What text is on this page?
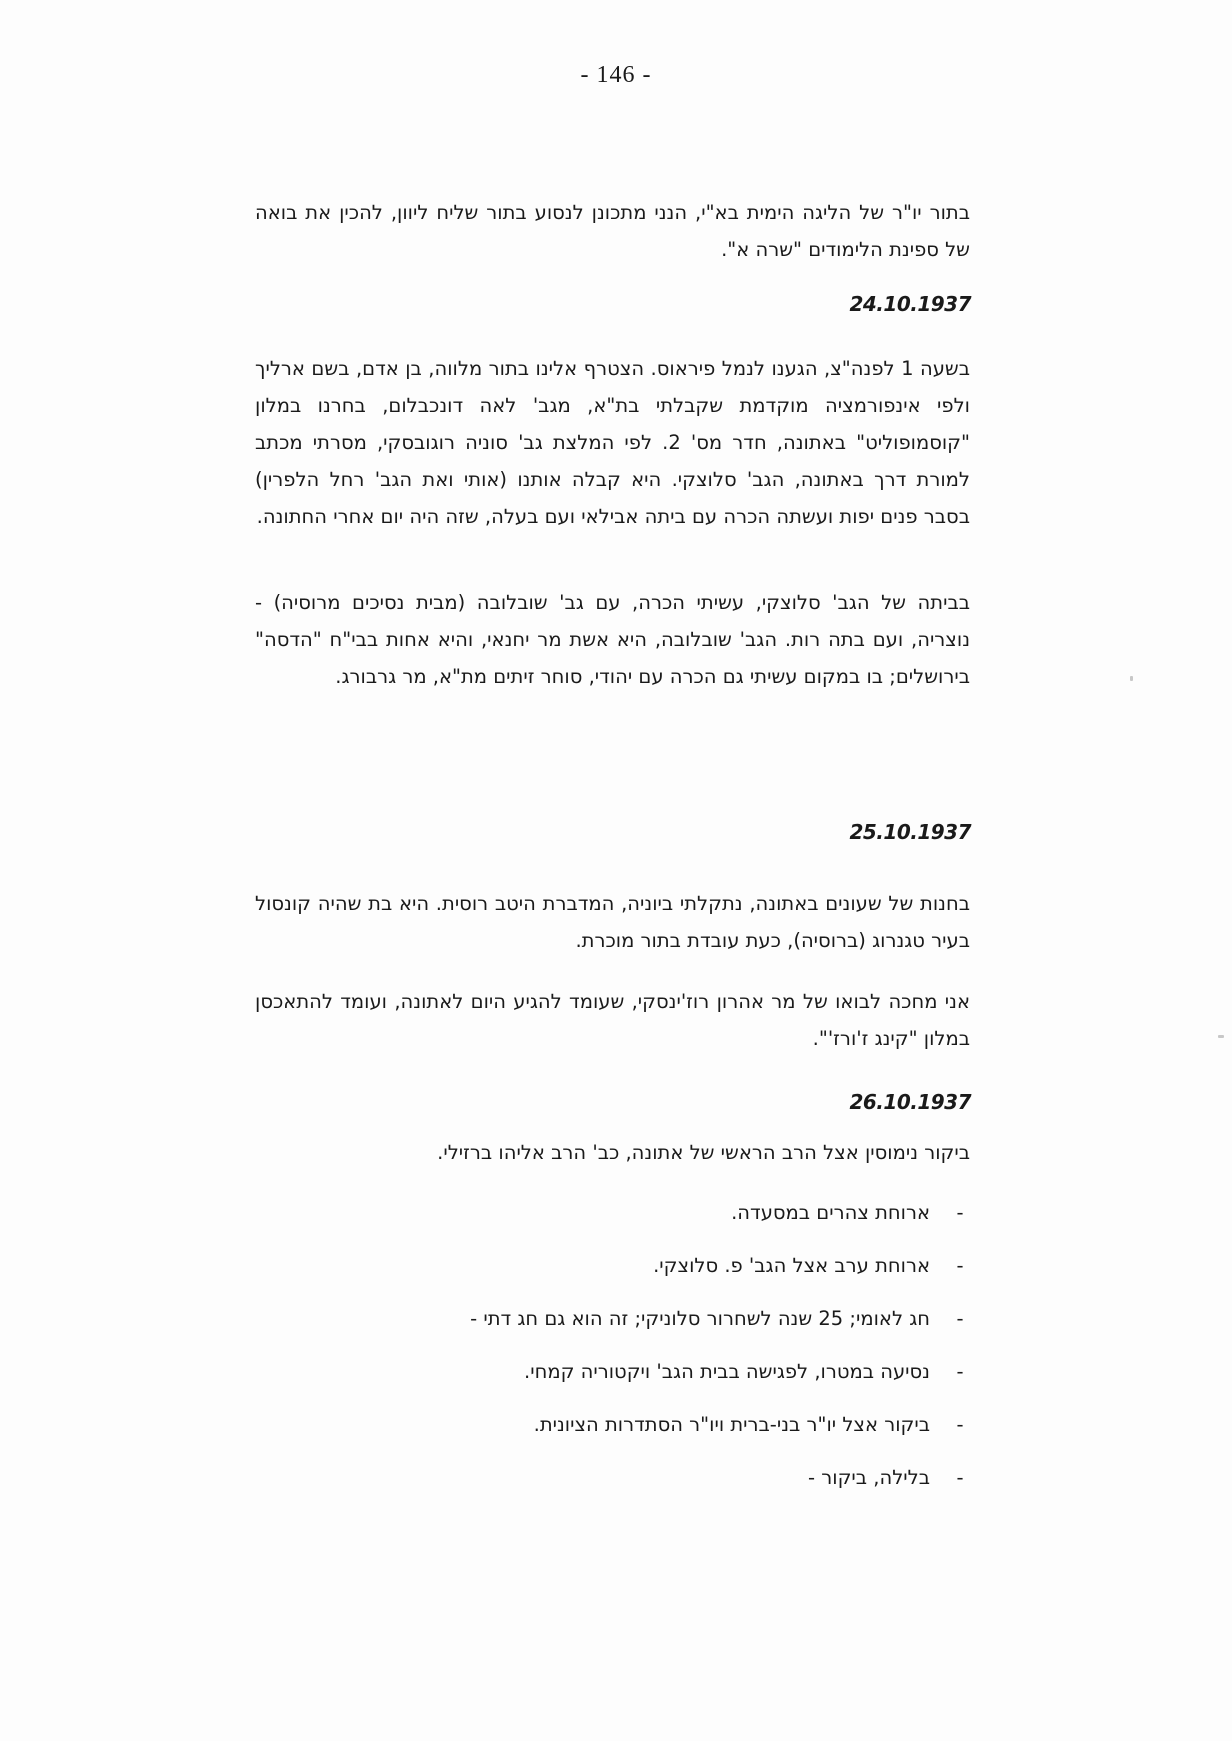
- 146 -

בתור יו"ר של הליגה הימית בא"י, הנני מתכונן לנסוע בתור שליח ליוון, להכין את בואה של ספינת הלימודים "שרה א".

24.10.1937

בשעה 1 לפנה"צ, הגענו לנמל פיראוס. הצטרף אלינו בתור מלווה, בן אדם, בשם ארליך ולפי אינפורמציה מוקדמת שקבלתי בת"א, מגב' לאה דונכבלום, בחרנו במלון "קוסמופוליט" באתונה, חדר מס' 2. לפי המלצת גב' סוניה רוגובסקי, מסרתי מכתב למורת דרך באתונה, הגב' סלוצקי. היא קבלה אותנו (אותי ואת הגב' רחל הלפרין) בסבר פנים יפות ועשתה הכרה עם ביתה אבילאי ועם בעלה, שזה היה יום אחרי החתונה.

בביתה של הגב' סלוצקי, עשיתי הכרה, עם גב' שובלובה (מבית נסיכים מרוסיה) - נוצריה, ועם בתה רות. הגב' שובלובה, היא אשת מר יחנאי, והיא אחות בבי"ח "הדסה" בירושלים; בו במקום עשיתי גם הכרה עם יהודי, סוחר זיתים מת"א, מר גרבורג.

25.10.1937

בחנות של שעונים באתונה, נתקלתי ביוניה, המדברת היטב רוסית. היא בת שהיה קונסול בעיר טגנרוג (ברוסיה), כעת עובדת בתור מוכרת.

אני מחכה לבואו של מר אהרון רוז'ינסקי, שעומד להגיע היום לאתונה, ועומד להתאכסן במלון "קינג ז'ורז'".

26.10.1937

ביקור נימוסין אצל הרב הראשי של אתונה, כב' הרב אליהו ברזילי.

-
ארוחת צהרים במסעדה.
-
ארוחת ערב אצל הגב' פ. סלוצקי.
-
חג לאומי; 25 שנה לשחרור סלוניקי; זה הוא גם חג דתי -
-
נסיעה במטרו, לפגישה בבית הגב' ויקטוריה קמחי.
-
ביקור אצל יו"ר בני-ברית ויו"ר הסתדרות הציונית.
-
בלילה, ביקור -
